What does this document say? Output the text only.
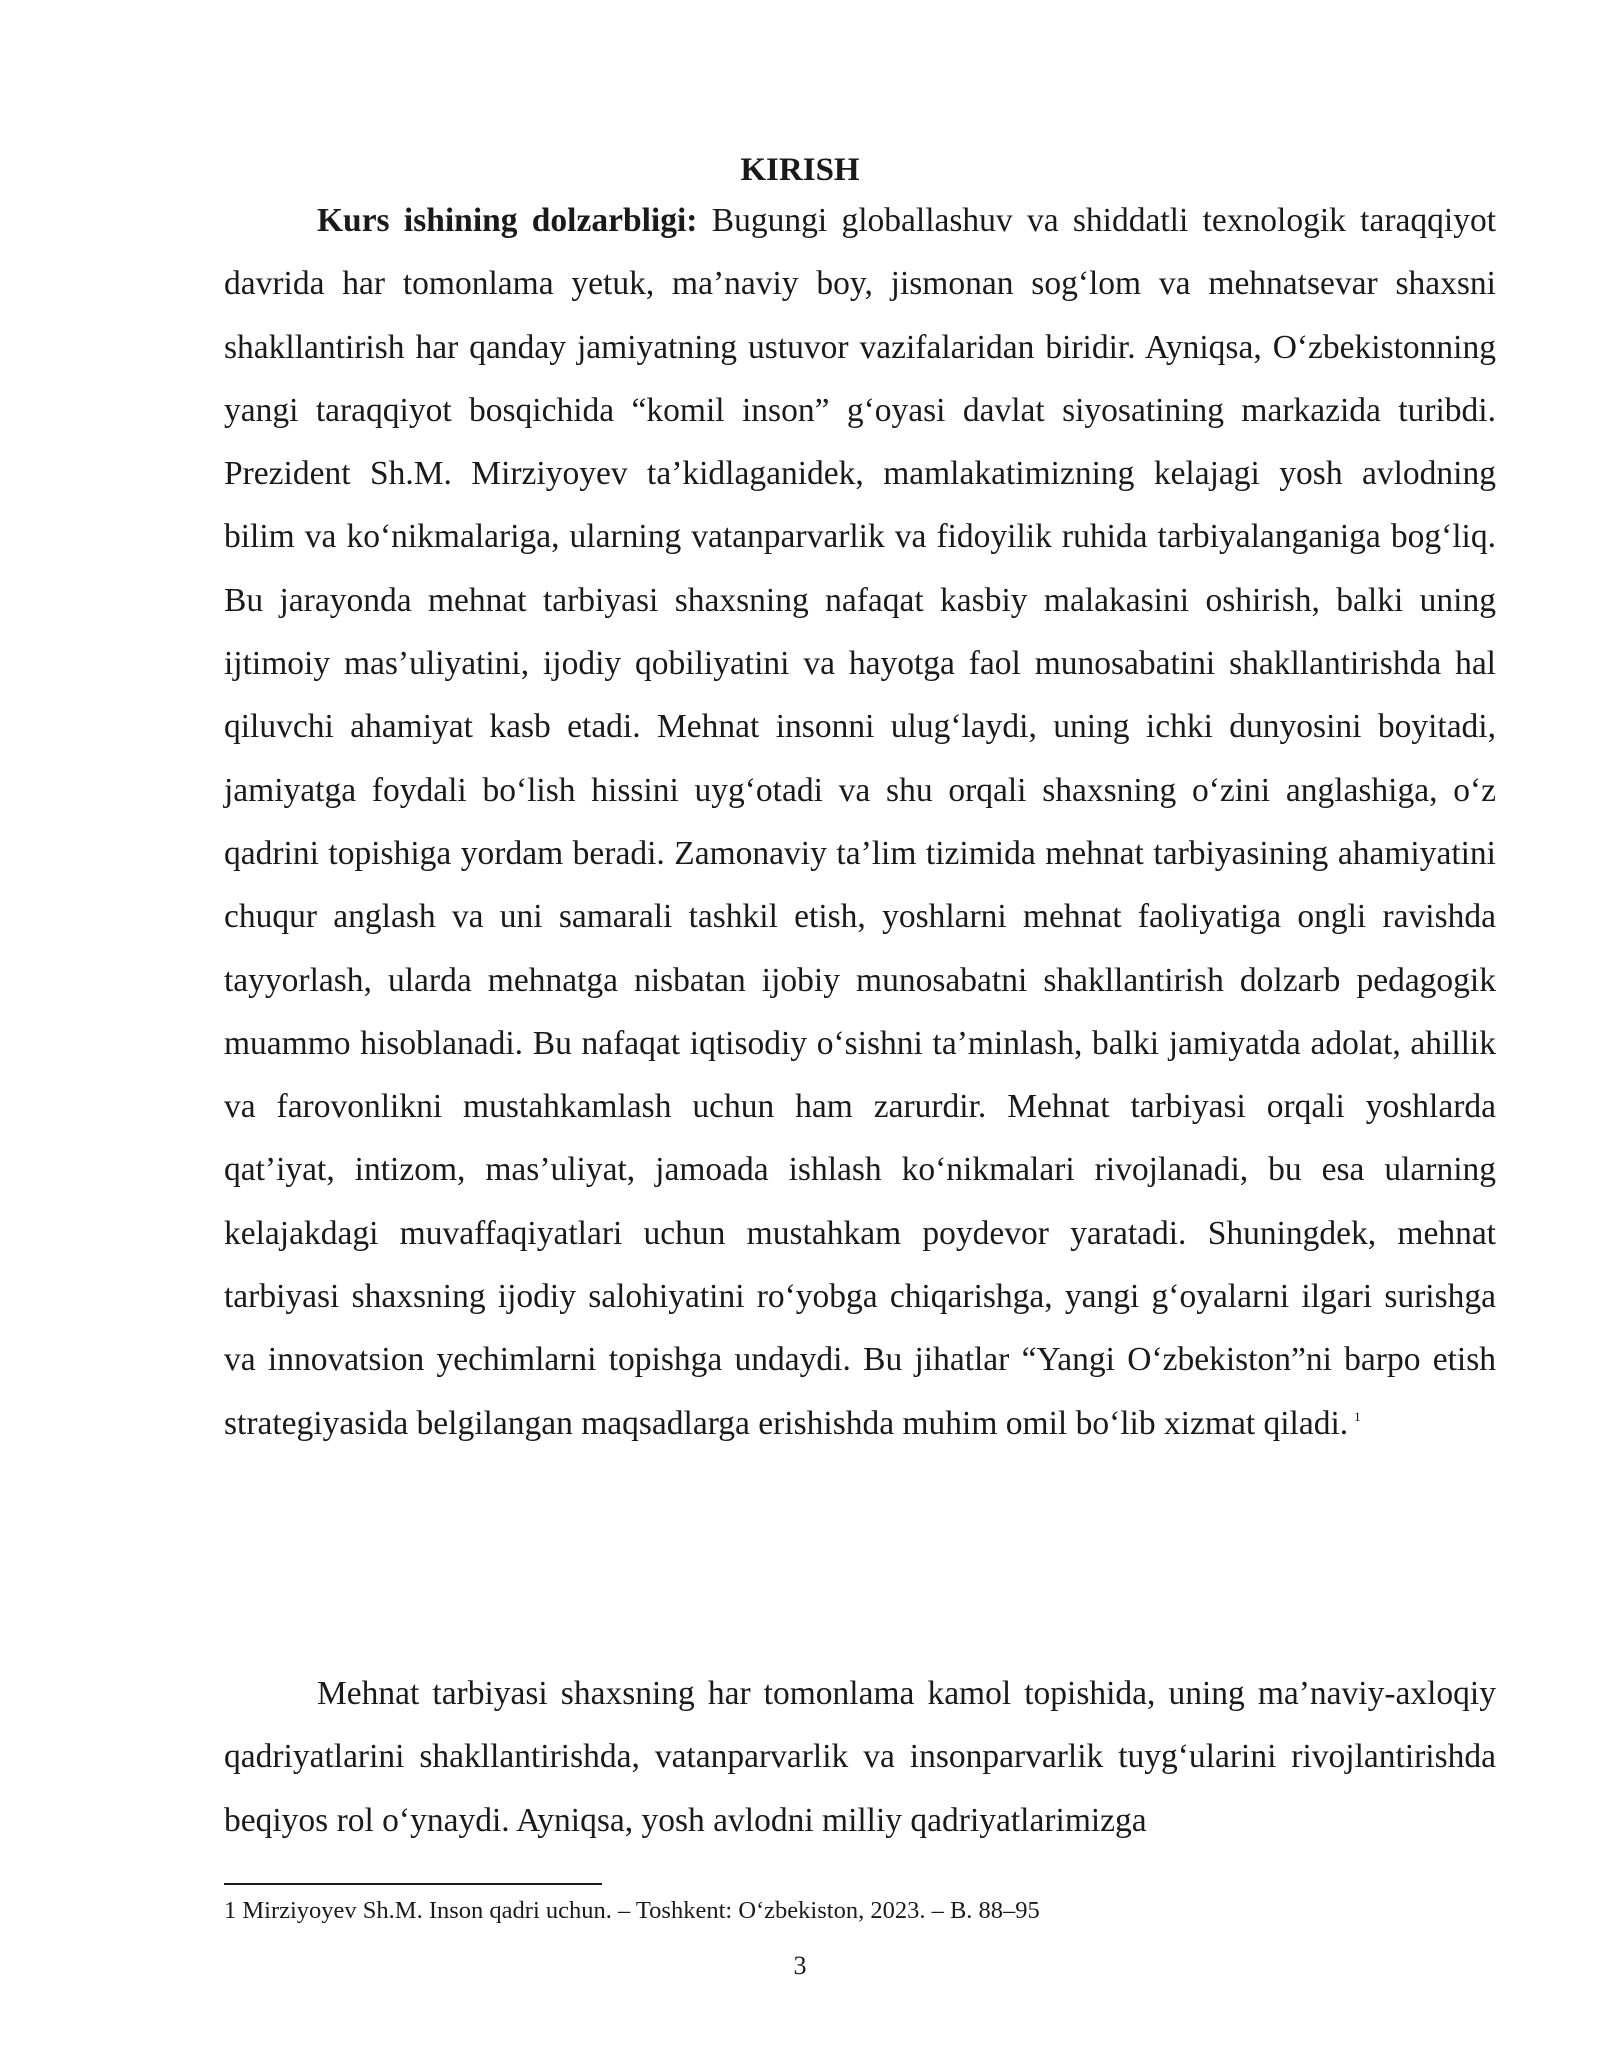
KIRISH

Kurs ishining dolzarbligi: Bugungi globallashuv va shiddatli texnologik taraqqiyot davrida har tomonlama yetuk, ma’naviy boy, jismonan sog‘lom va mehnatsevar shaxsni shakllantirish har qanday jamiyatning ustuvor vazifalaridan biridir. Ayniqsa, O‘zbekistonning yangi taraqqiyot bosqichida “komil inson” g‘oyasi davlat siyosatining markazida turibdi. Prezident Sh.M. Mirziyoyev ta’kidlaganidek, mamlakatimizning kelajagi yosh avlodning bilim va ko‘nikmalariga, ularning vatanparvarlik va fidoyilik ruhida tarbiyalanganiga bog‘liq. Bu jarayonda mehnat tarbiyasi shaxsning nafaqat kasbiy malakasini oshirish, balki uning ijtimoiy mas’uliyatini, ijodiy qobiliyatini va hayotga faol munosabatini shakllantirishda hal qiluvchi ahamiyat kasb etadi. Mehnat insonni ulug‘laydi, uning ichki dunyosini boyitadi, jamiyatga foydali bo‘lish hissini uyg‘otadi va shu orqali shaxsning o‘zini anglashiga, o‘z qadrini topishiga yordam beradi. Zamonaviy ta’lim tizimida mehnat tarbiyasining ahamiyatini chuqur anglash va uni samarali tashkil etish, yoshlarni mehnat faoliyatiga ongli ravishda tayyorlash, ularda mehnatga nisbatan ijobiy munosabatni shakllantirish dolzarb pedagogik muammo hisoblanadi. Bu nafaqat iqtisodiy o‘sishni ta’minlash, balki jamiyatda adolat, ahillik va farovonlikni mustahkamlash uchun ham zarurdir. Mehnat tarbiyasi orqali yoshlarda qat’iyat, intizom, mas’uliyat, jamoada ishlash ko‘nikmalari rivojlanadi, bu esa ularning kelajakdagi muvaffaqiyatlari uchun mustahkam poydevor yaratadi. Shuningdek, mehnat tarbiyasi shaxsning ijodiy salohiyatini ro‘yobga chiqarishga, yangi g‘oyalarni ilgari surishga va innovatsion yechimlarni topishga undaydi. Bu jihatlar “Yangi O‘zbekiston”ni barpo etish strategiyasida belgilangan maqsadlarga erishishda muhim omil bo‘lib xizmat qiladi. $^1$

Mehnat tarbiyasi shaxsning har tomonlama kamol topishida, uning ma’naviy-axloqiy qadriyatlarini shakllantirishda, vatanparvarlik va insonparvarlik tuyg‘ularini rivojlantirishda beqiyos rol o‘ynaydi. Ayniqsa, yosh avlodni milliy qadriyatlarimizga

1 Mirziyoyev Sh.M. Inson qadri uchun. – Toshkent: O‘zbekiston, 2023. – B. 88–95
3
